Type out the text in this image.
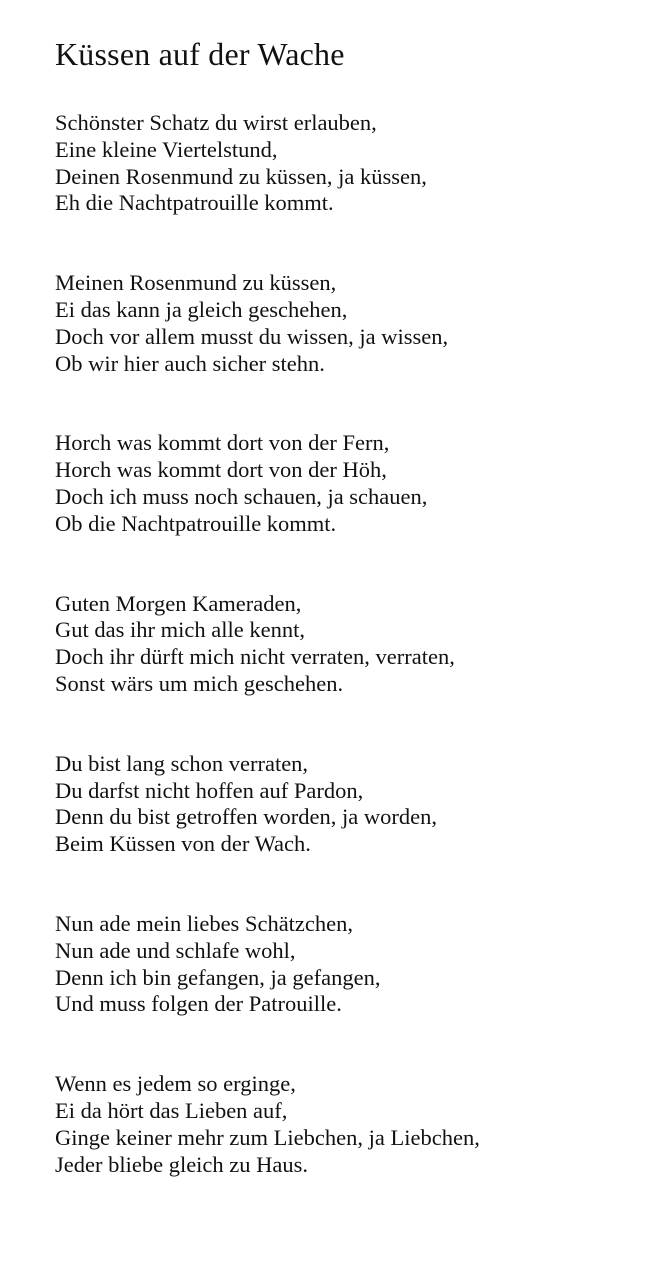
Küssen auf der Wache
Schönster Schatz du wirst erlauben,
Eine kleine Viertelstund,
Deinen Rosenmund zu küssen, ja küssen,
Eh die Nachtpatrouille kommt.
Meinen Rosenmund zu küssen,
Ei das kann ja gleich geschehen,
Doch vor allem musst du wissen, ja wissen,
Ob wir hier auch sicher stehn.
Horch was kommt dort von der Fern,
Horch was kommt dort von der Höh,
Doch ich muss noch schauen, ja schauen,
Ob die Nachtpatrouille kommt.
Guten Morgen Kameraden,
Gut das ihr mich alle kennt,
Doch ihr dürft mich nicht verraten, verraten,
Sonst wärs um mich geschehen.
Du bist lang schon verraten,
Du darfst nicht hoffen auf Pardon,
Denn du bist getroffen worden, ja worden,
Beim Küssen von der Wach.
Nun ade mein liebes Schätzchen,
Nun ade und schlafe wohl,
Denn ich bin gefangen, ja gefangen,
Und muss folgen der Patrouille.
Wenn es jedem so erginge,
Ei da hört das Lieben auf,
Ginge keiner mehr zum Liebchen, ja Liebchen,
Jeder bliebe gleich zu Haus.
